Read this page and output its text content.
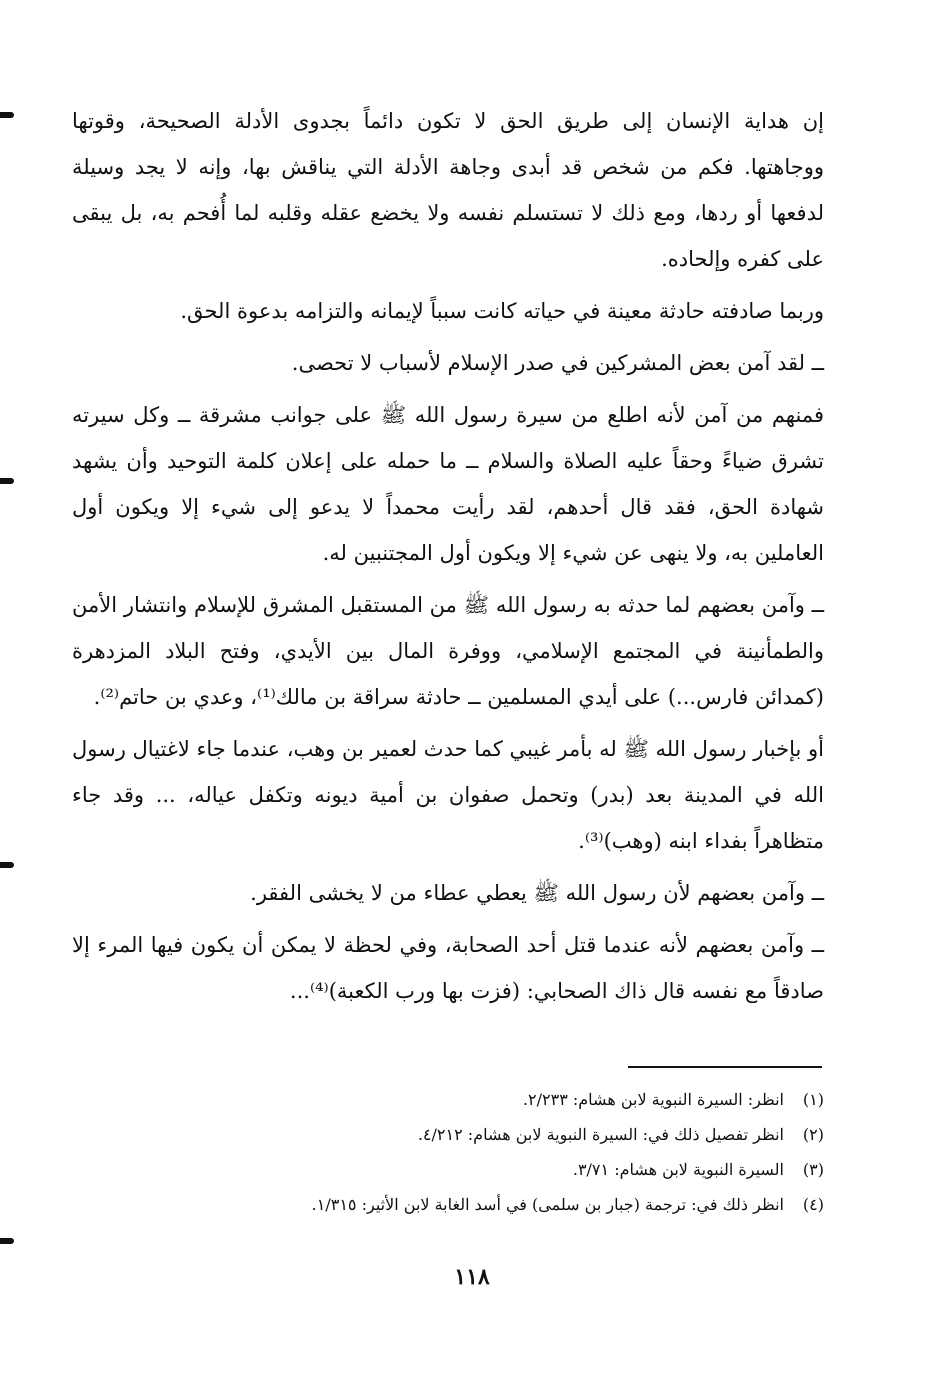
إن هداية الإنسان إلى طريق الحق لا تكون دائماً بجدوى الأدلة الصحيحة، وقوتها ووجاهتها. فكم من شخص قد أبدى وجاهة الأدلة التي يناقش بها، وإنه لا يجد وسيلة لدفعها أو ردها، ومع ذلك لا تستسلم نفسه ولا يخضع عقله وقلبه لما أُفحم به، بل يبقى على كفره وإلحاده.

وربما صادفته حادثة معينة في حياته كانت سبباً لإيمانه والتزامه بدعوة الحق.

ــ لقد آمن بعض المشركين في صدر الإسلام لأسباب لا تحصى.

فمنهم من آمن لأنه اطلع من سيرة رسول الله ﷺ على جوانب مشرقة ــ وكل سيرته تشرق ضياءً وحقاً عليه الصلاة والسلام ــ ما حمله على إعلان كلمة التوحيد وأن يشهد شهادة الحق، فقد قال أحدهم، لقد رأيت محمداً لا يدعو إلى شيء إلا ويكون أول العاملين به، ولا ينهى عن شيء إلا ويكون أول المجتنبين له.

ــ وآمن بعضهم لما حدثه به رسول الله ﷺ من المستقبل المشرق للإسلام وانتشار الأمن والطمأنينة في المجتمع الإسلامي، ووفرة المال بين الأيدي، وفتح البلاد المزدهرة (كمدائن فارس...) على أيدي المسلمين ــ حادثة سراقة بن مالك⁽¹⁾، وعدي بن حاتم⁽²⁾.

أو بإخبار رسول الله ﷺ له بأمر غيبي كما حدث لعمير بن وهب، عندما جاء لاغتيال رسول الله في المدينة بعد (بدر) وتحمل صفوان بن أمية ديونه وتكفل عياله، ... وقد جاء متظاهراً بفداء ابنه (وهب)⁽³⁾.

ــ وآمن بعضهم لأن رسول الله ﷺ يعطي عطاء من لا يخشى الفقر.

ــ وآمن بعضهم لأنه عندما قتل أحد الصحابة، وفي لحظة لا يمكن أن يكون فيها المرء إلا صادقاً مع نفسه قال ذاك الصحابي: (فزت بها ورب الكعبة)⁽⁴⁾...

(١)
انظر: السيرة النبوية لابن هشام: ٢/٢٣٣.
(٢)
انظر تفصيل ذلك في: السيرة النبوية لابن هشام: ٤/٢١٢.
(٣)
السيرة النبوية لابن هشام: ٣/٧١.
(٤)
انظر ذلك في: ترجمة (جبار بن سلمى) في أسد الغابة لابن الأثير: ١/٣١٥.
١١٨
